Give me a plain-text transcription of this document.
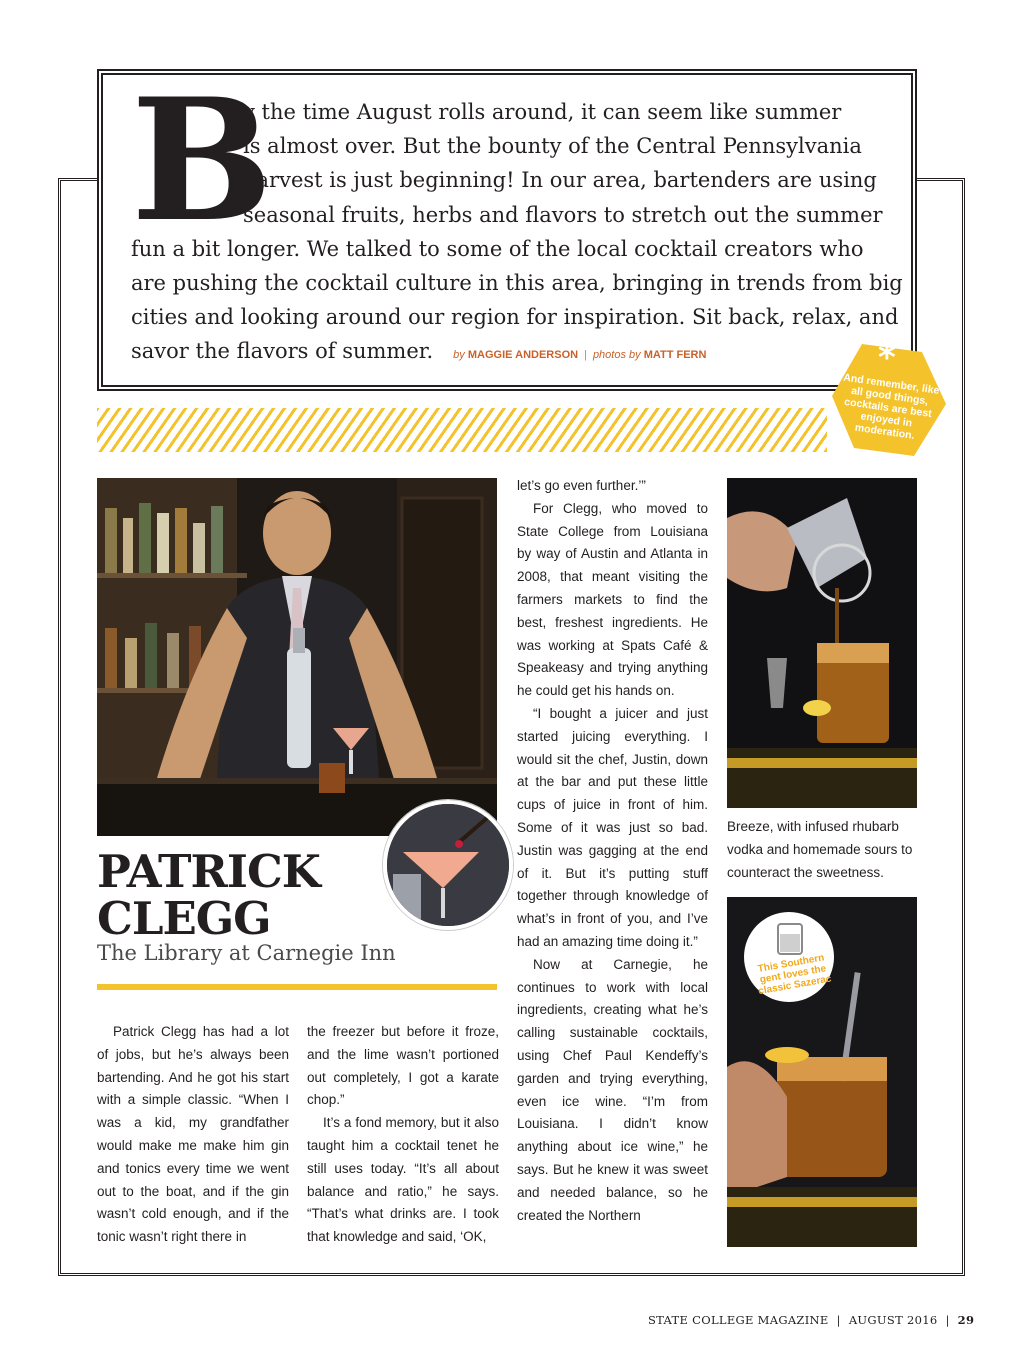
B
y the time August rolls around, it can seem like summer
is almost over. But the bounty of the Central Pennsylvania
harvest is just beginning! In our area, bartenders are using
seasonal fruits, herbs and flavors to stretch out the summer
fun a bit longer. We talked to some of the local cocktail creators who
are pushing the cocktail culture in this area, bringing in trends from big
cities and looking around our region for inspiration. Sit back, relax, and
savor the flavors of summer. by MAGGIE ANDERSON | photos by MATT FERN	*
And remember, like all good things, cocktails are best enjoyed in moderation.
PATRICK
CLEGG
The Library at Carnegie Inn

Patrick Clegg has had a lot of jobs, but he’s always been bartending. And he got his start with a simple classic. “When I was a kid, my grandfather would make me make him gin and tonics every time we went out to the boat, and if the gin wasn’t cold enough, and if the tonic wasn’t right there in

the freezer but before it froze, and the lime wasn’t portioned out completely, I got a karate chop.”

It’s a fond memory, but it also taught him a cocktail tenet he still uses today. “It’s all about balance and ratio,” he says. “That’s what drinks are. I took that knowledge and said, ‘OK,

let’s go even further.’”

For Clegg, who moved to State College from Louisiana by way of Austin and Atlanta in 2008, that meant visiting the farmers markets to find the best, freshest ingredients. He was working at Spats Café & Speakeasy and trying anything he could get his hands on.

“I bought a juicer and just started juicing everything. I would sit the chef, Justin, down at the bar and put these little cups of juice in front of him. Some of it was just so bad. Justin was gagging at the end of it. But it’s putting stuff together through knowledge of what’s in front of you, and I’ve had an amazing time doing it.”

Now at Carnegie, he continues to work with local ingredients, creating what he’s calling sustainable cocktails, using Chef Paul Kendeffy’s garden and trying everything, even ice wine. “I’m from Louisiana. I didn’t know anything about ice wine,” he says. But he knew it was sweet and needed balance, so he created the Northern

Breeze, with infused rhubarb vodka and homemade sours to counteract the sweetness.
This Southern gent loves the classic Sazerac
STATE COLLEGE MAGAZINE | AUGUST 2016 | 29
